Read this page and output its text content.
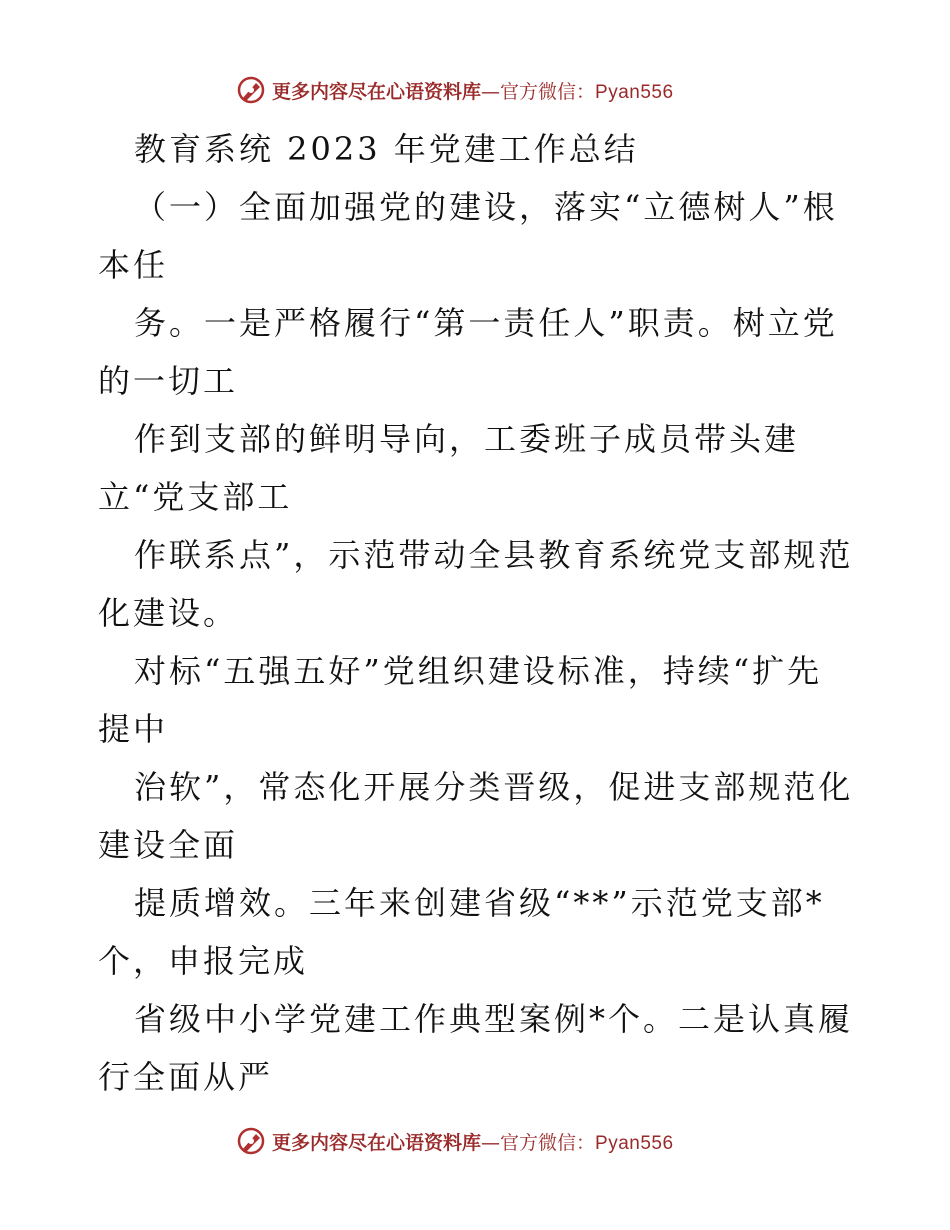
更多内容尽在心语资料库—官方微信：Pyan556
教育系统 2023 年党建工作总结
（一）全面加强党的建设，落实“立德树人”根
本任
务。一是严格履行“第一责任人”职责。树立党
的一切工
作到支部的鲜明导向，工委班子成员带头建
立“党支部工
作联系点”，示范带动全县教育系统党支部规范
化建设。
对标“五强五好”党组织建设标准，持续“扩先
提中
治软”，常态化开展分类晋级，促进支部规范化
建设全面
提质增效。三年来创建省级“**”示范党支部*
个，申报完成
省级中小学党建工作典型案例*个。二是认真履
行全面从严
更多内容尽在心语资料库—官方微信：Pyan556
